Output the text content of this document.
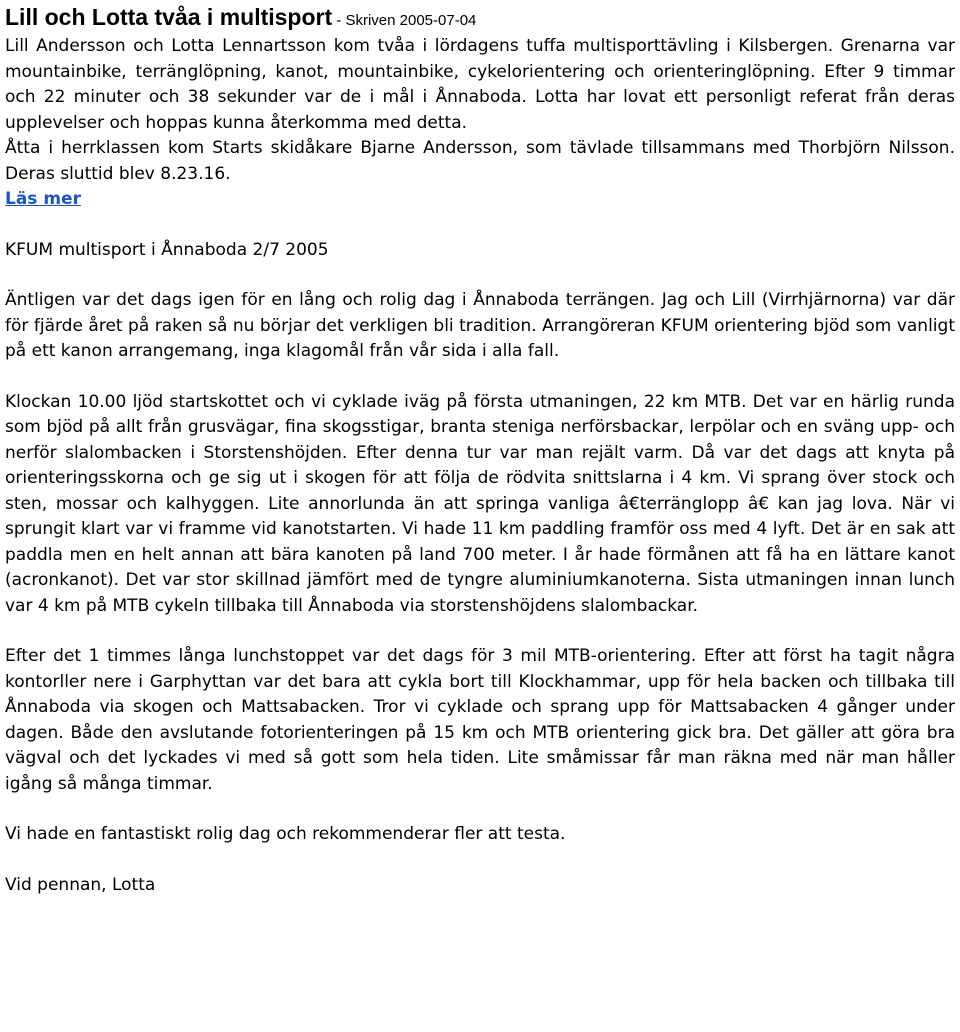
Lill och Lotta tvåa i multisport - Skriven 2005-07-04

Lill Andersson och Lotta Lennartsson kom tvåa i lördagens tuffa multisporttävling i Kilsbergen. Grenarna var mountainbike, terränglöpning, kanot, mountainbike, cykelorientering och orienteringlöpning. Efter 9 timmar och 22 minuter och 38 sekunder var de i mål i Ånnaboda. Lotta har lovat ett personligt referat från deras upplevelser och hoppas kunna återkomma med detta.

Åtta i herrklassen kom Starts skidåkare Bjarne Andersson, som tävlade tillsammans med Thorbjörn Nilsson. Deras sluttid blev 8.23.16.

Läs mer

KFUM multisport i Ånnaboda 2/7 2005

Äntligen var det dags igen för en lång och rolig dag i Ånnaboda terrängen. Jag och Lill (Virrhjärnorna) var där för fjärde året på raken så nu börjar det verkligen bli tradition. Arrangöreran KFUM orientering bjöd som vanligt på ett kanon arrangemang, inga klagomål från vår sida i alla fall.

Klockan 10.00 ljöd startskottet och vi cyklade iväg på första utmaningen, 22 km MTB. Det var en härlig runda som bjöd på allt från grusvägar, fina skogsstigar, branta steniga nerförsbackar, lerpölar och en sväng upp- och nerför slalombacken i Storstenshöjden. Efter denna tur var man rejält varm. Då var det dags att knyta på orienteringsskorna och ge sig ut i skogen för att följa de rödvita snittslarna i 4 km. Vi sprang över stock och sten, mossar och kalhyggen. Lite annorlunda än att springa vanliga â€terränglopp â€ kan jag lova. När vi sprungit klart var vi framme vid kanotstarten. Vi hade 11 km paddling framför oss med 4 lyft. Det är en sak att paddla men en helt annan att bära kanoten på land 700 meter. I år hade förmånen att få ha en lättare kanot (acronkanot). Det var stor skillnad jämfört med de tyngre aluminiumkanoterna. Sista utmaningen innan lunch var 4 km på MTB cykeln tillbaka till Ånnaboda via storstenshöjdens slalombackar.

Efter det 1 timmes långa lunchstoppet var det dags för 3 mil MTB-orientering. Efter att först ha tagit några kontorller nere i Garphyttan var det bara att cykla bort till Klockhammar, upp för hela backen och tillbaka till Ånnaboda via skogen och Mattsabacken. Tror vi cyklade och sprang upp för Mattsabacken 4 gånger under dagen. Både den avslutande fotorienteringen på 15 km och MTB orientering gick bra. Det gäller att göra bra vägval och det lyckades vi med så gott som hela tiden. Lite småmissar får man räkna med när man håller igång så många timmar.

Vi hade en fantastiskt rolig dag och rekommenderar fler att testa.

Vid pennan, Lotta
